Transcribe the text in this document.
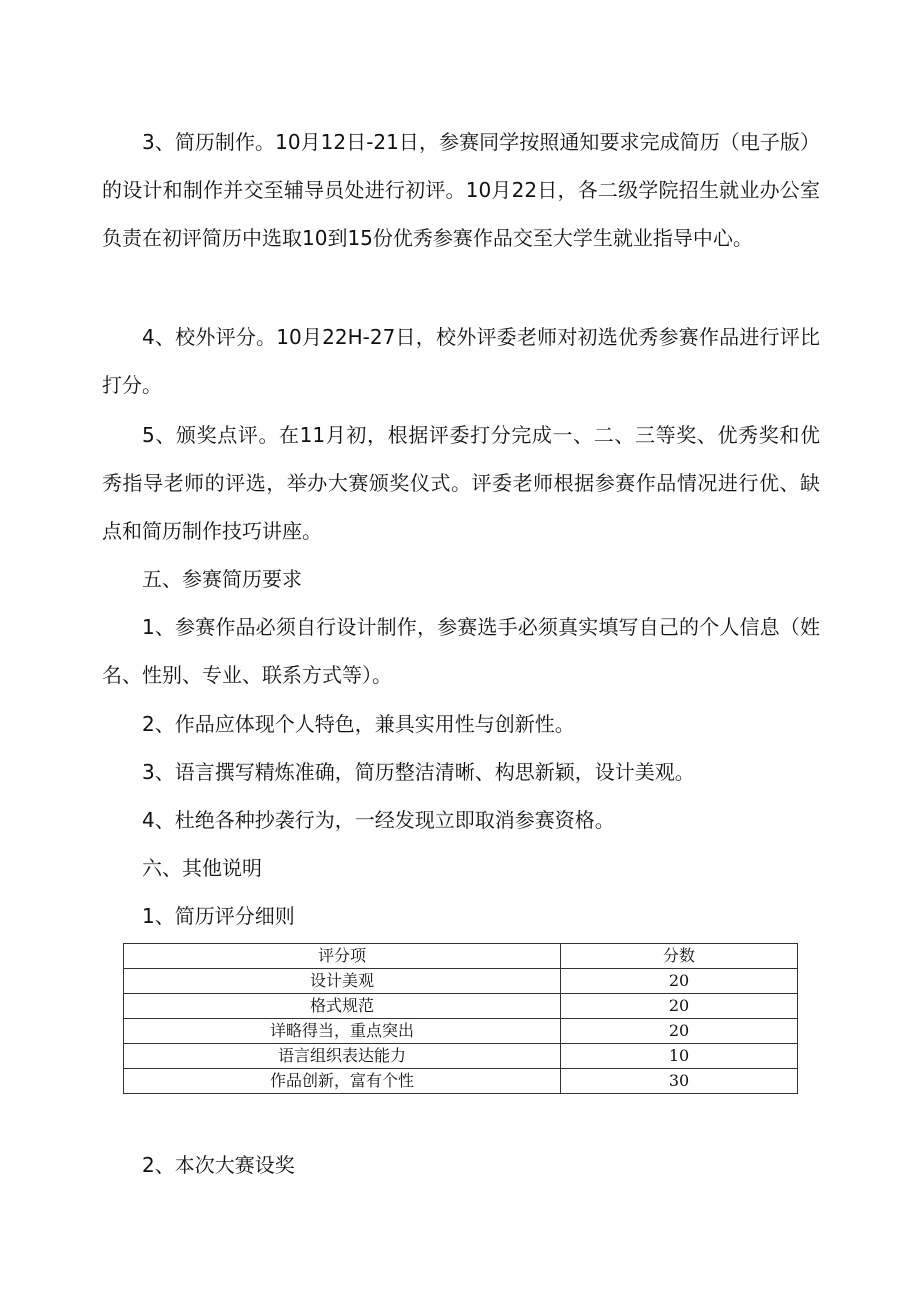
3、简历制作。10月12日-21日，参赛同学按照通知要求完成简历（电子版）的设计和制作并交至辅导员处进行初评。10月22日，各二级学院招生就业办公室负责在初评简历中选取10到15份优秀参赛作品交至大学生就业指导中心。

4、校外评分。10月22H-27日，校外评委老师对初选优秀参赛作品进行评比打分。

5、颁奖点评。在11月初，根据评委打分完成一、二、三等奖、优秀奖和优秀指导老师的评选，举办大赛颁奖仪式。评委老师根据参赛作品情况进行优、缺点和简历制作技巧讲座。

五、参赛简历要求

1、参赛作品必须自行设计制作，参赛选手必须真实填写自己的个人信息（姓名、性别、专业、联系方式等）。

2、作品应体现个人特色，兼具实用性与创新性。

3、语言撰写精炼准确，简历整洁清晰、构思新颖，设计美观。

4、杜绝各种抄袭行为，一经发现立即取消参赛资格。

六、其他说明

1、简历评分细则

评分项	分数
设计美观	20
格式规范	20
详略得当，重点突出	20
语言组织表达能力	10
作品创新，富有个性	30

2、本次大赛设奖
